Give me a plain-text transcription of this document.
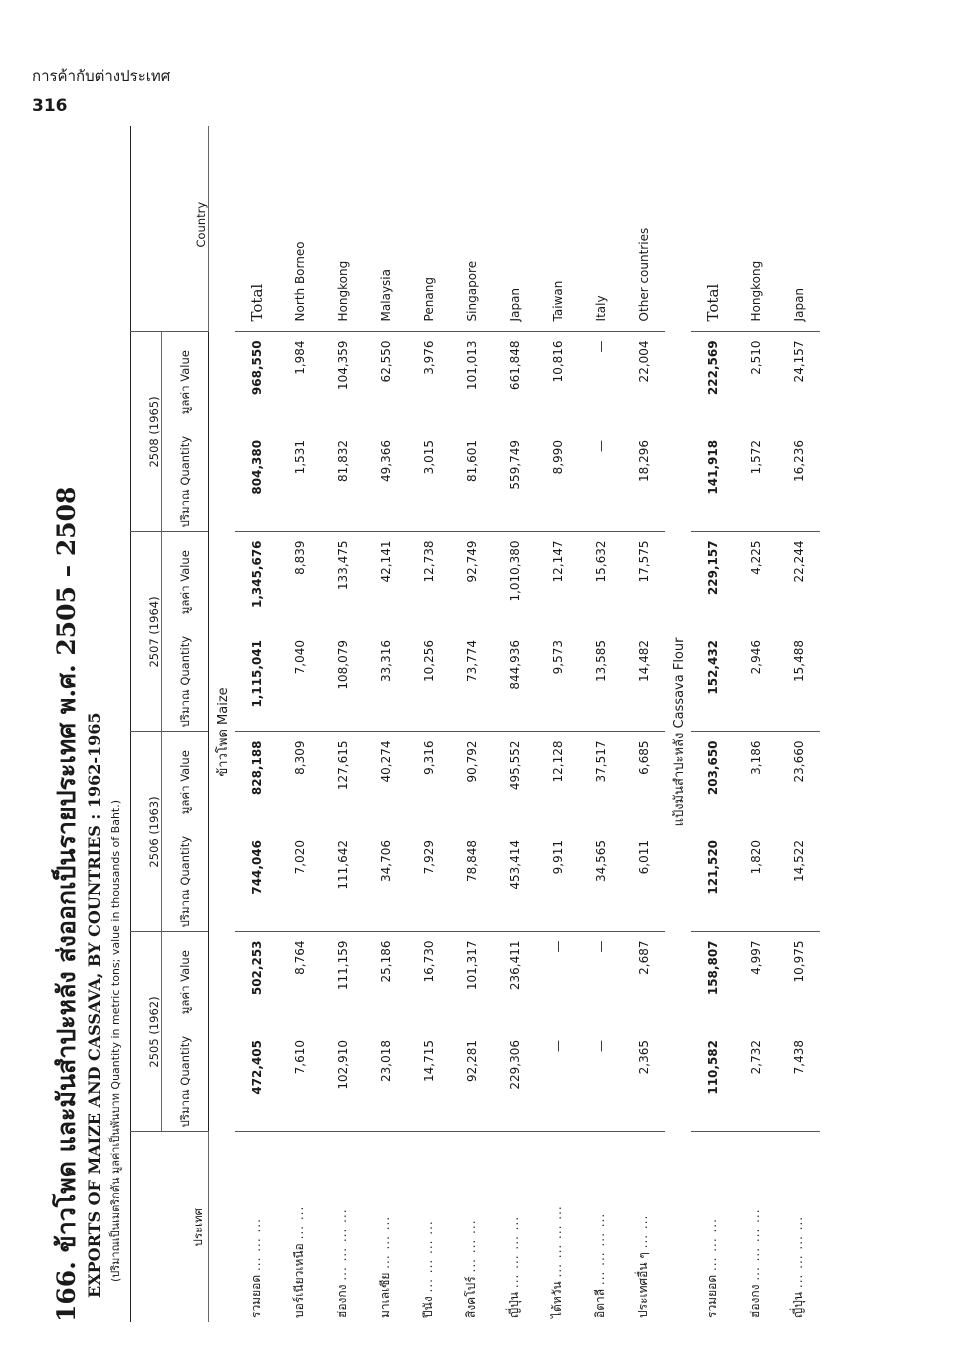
การค้ากับต่างประเทศ
316
166. ข้าวโพด และมันสำปะหลัง ส่งออกเป็นรายประเทศ พ.ศ. 2505 – 2508 EXPORTS OF MAIZE AND CASSAVA, BY COUNTRIES : 1962-1965 (ปริมาณเป็นเมตริกตัน มูลค่าเป็นพันบาท Quantity in metric tons; value in thousands of Baht.)	ประเทศ	2505 (1962)		2506 (1963)		2507 (1964)		2508 (1965)		Country
	ปริมาณ Quantity	มูลค่า Value	ปริมาณ Quantity	มูลค่า Value	ปริมาณ Quantity	มูลค่า Value	ปริมาณ Quantity	มูลค่า Value	
	ข้าวโพด Maize								
รวมยอด ... ... ...	472,405	502,253	744,046	828,188	1,115,041	1,345,676	804,380	968,550	Total
บอร์เนียวเหนือ ... ...	7,610	8,764	7,020	8,309	7,040	8,839	1,531	1,984	North Borneo
ฮ่องกง ... ... ... ...	102,910	111,159	111,642	127,615	108,079	133,475	81,832	104,359	Hongkong
มาเลเซีย ... ... ...	23,018	25,186	34,706	40,274	33,316	42,141	49,366	62,550	Malaysia
ปีนัง ... ... ... ...	14,715	16,730	7,929	9,316	10,256	12,738	3,015	3,976	Penang
สิงคโปร์ ... ... ...	92,281	101,317	78,848	90,792	73,774	92,749	81,601	101,013	Singapore
ญี่ปุ่น ... ... ... ...	229,306	236,411	453,414	495,552	844,936	1,010,380	559,749	661,848	Japan
ไต้หวัน ... ... ... ...	—	—	9,911	12,128	9,573	12,147	8,990	10,816	Taiwan
อิตาลี ... ... ... ...	—	—	34,565	37,517	13,585	15,632	—	—	Italy
ประเทศอื่น ๆ ... ...	2,365	2,687	6,011	6,685	14,482	17,575	18,296	22,004	Other countries
	แป้งมันสำปะหลัง Cassava Flour								
รวมยอด ... ... ...	110,582	158,807	121,520	203,650	152,432	229,157	141,918	222,569	Total
ฮ่องกง ... ... ... ...	2,732	4,997	1,820	3,186	2,946	4,225	1,572	2,510	Hongkong
ญี่ปุ่น ... ... ... ...	7,438	10,975	14,522	23,660	15,488	22,244	16,236	24,157	Japan
